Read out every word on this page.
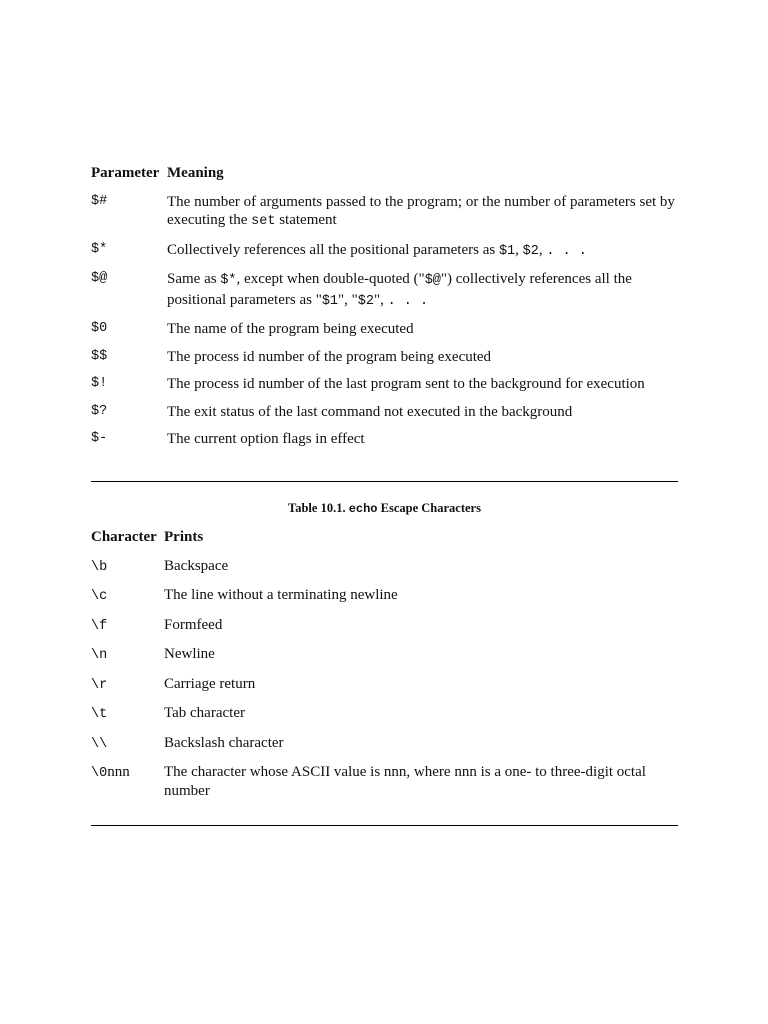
Parameter Meaning
$#	The number of arguments passed to the program; or the number of parameters set by executing the set statement
$*	Collectively references all the positional parameters as $1, $2, . . .
$@	Same as $*, except when double-quoted ("$@") collectively references all the positional parameters as "$1", "$2", . . .
$0	The name of the program being executed
$$	The process id number of the program being executed
$!	The process id number of the last program sent to the background for execution
$?	The exit status of the last command not executed in the background
$-	The current option flags in effect
Table 10.1. echo Escape Characters
Character Prints
\b	Backspace
\c	The line without a terminating newline
\f	Formfeed
\n	Newline
\r	Carriage return
\t	Tab character
\\	Backslash character
\0nnn	The character whose ASCII value is nnn, where nnn is a one- to three-digit octal number
